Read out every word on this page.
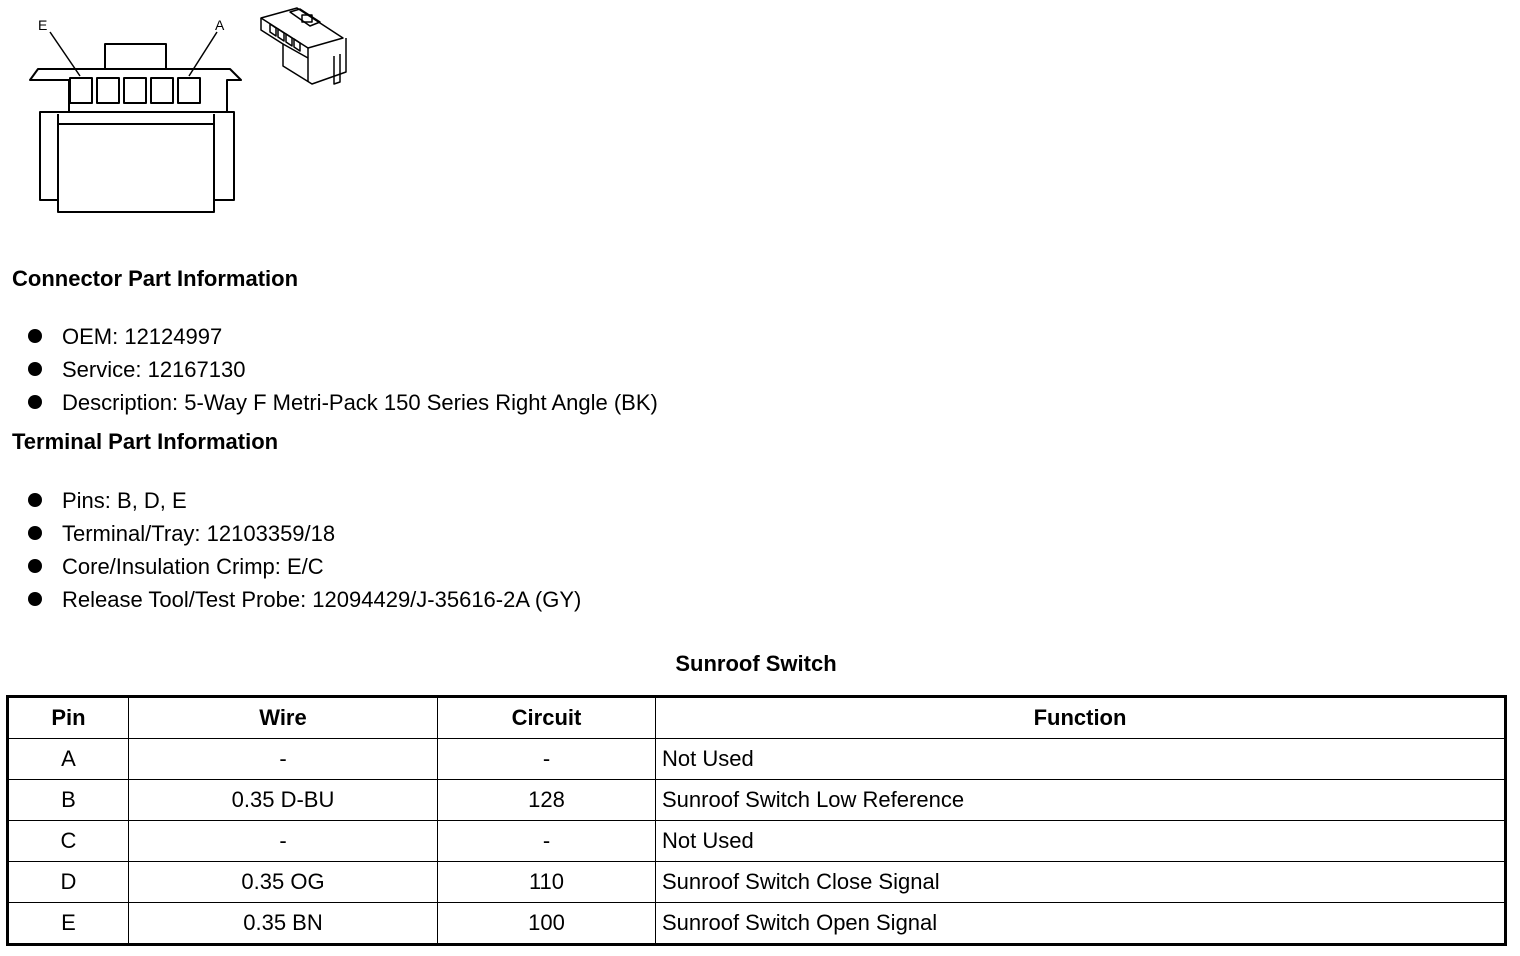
E	A
Connector Part Information
OEM: 12124997
Service: 12167130
Description: 5-Way F Metri-Pack 150 Series Right Angle (BK)
Terminal Part Information
Pins: B, D, E
Terminal/Tray: 12103359/18
Core/Insulation Crimp: E/C
Release Tool/Test Probe: 12094429/J-35616-2A (GY)
Sunroof Switch
Pin	Wire	Circuit	Function
A	-	-	Not Used
B	0.35 D-BU	128	Sunroof Switch Low Reference
C	-	-	Not Used
D	0.35 OG	110	Sunroof Switch Close Signal
E	0.35 BN	100	Sunroof Switch Open Signal
